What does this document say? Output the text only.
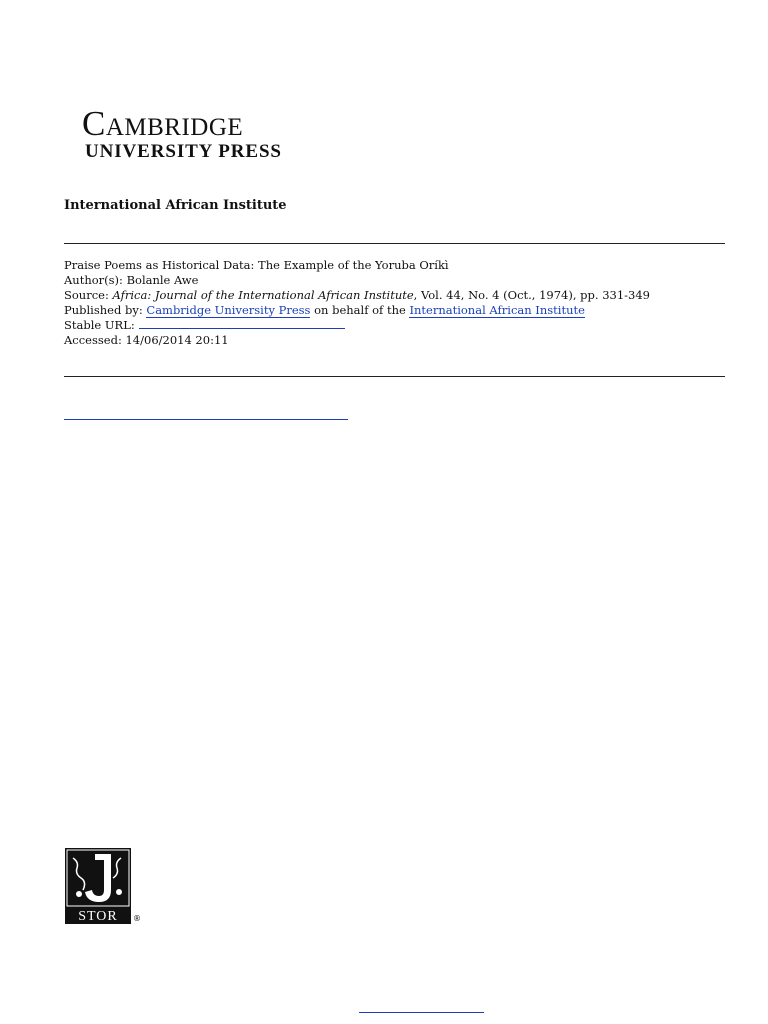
Cambridge
UNIVERSITY PRESS
International African Institute
Praise Poems as Historical Data: The Example of the Yoruba Oríkì
Author(s): Bolanle Awe
Source: Africa: Journal of the International African Institute, Vol. 44, No. 4 (Oct., 1974), pp. 331-349
Published by: Cambridge University Press on behalf of the International African Institute
Stable URL:
Accessed: 14/06/2014 20:11
STOR ®
